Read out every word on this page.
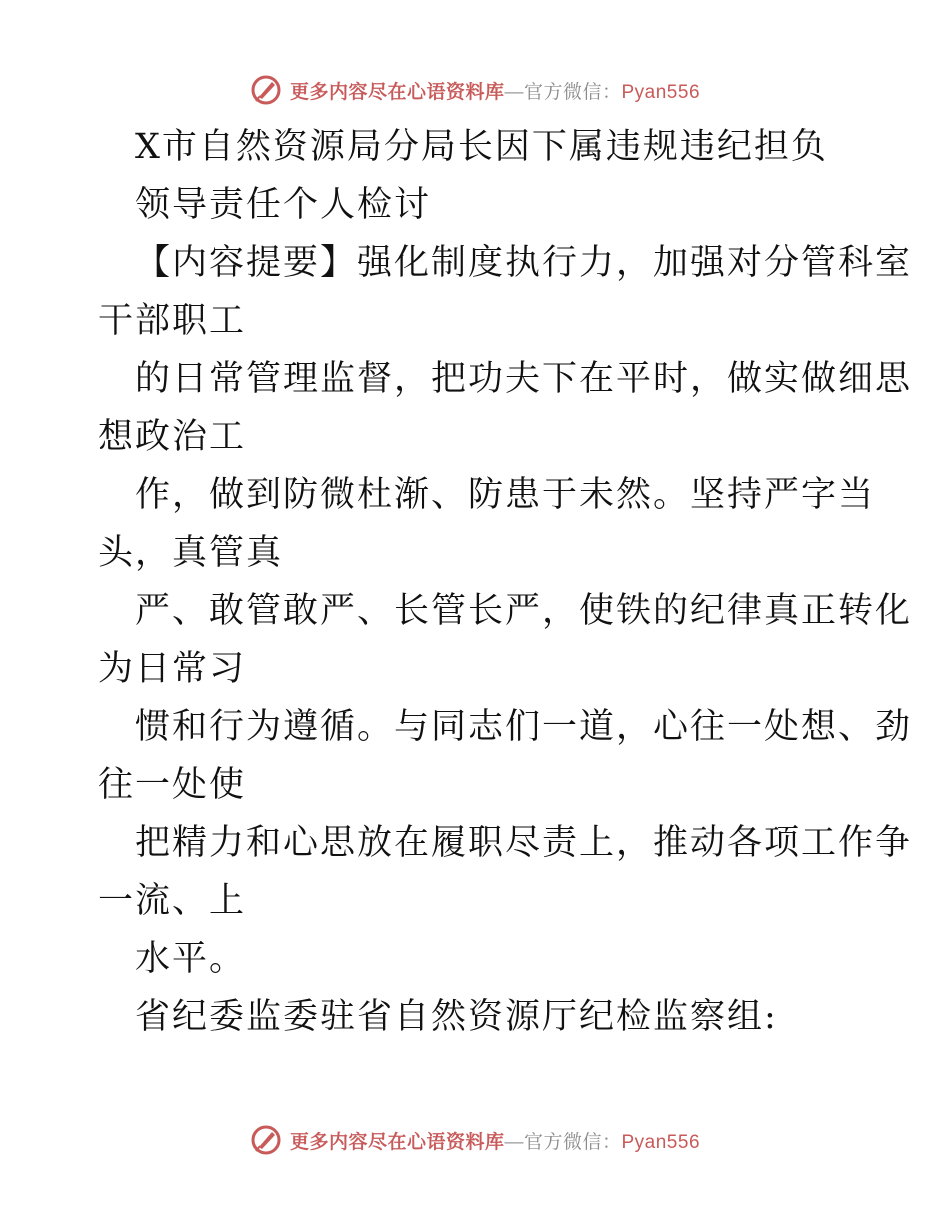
更多内容尽在心语资料库—官方微信：Pyan556
X市自然资源局分局长因下属违规违纪担负
领导责任个人检讨
【内容提要】强化制度执行力，加强对分管科室
干部职工
的日常管理监督，把功夫下在平时，做实做细思
想政治工
作，做到防微杜渐、防患于未然。坚持严字当
头，真管真
严、敢管敢严、长管长严，使铁的纪律真正转化
为日常习
惯和行为遵循。与同志们一道，心往一处想、劲
往一处使
把精力和心思放在履职尽责上，推动各项工作争
一流、上
水平。
省纪委监委驻省自然资源厅纪检监察组:
更多内容尽在心语资料库—官方微信：Pyan556
